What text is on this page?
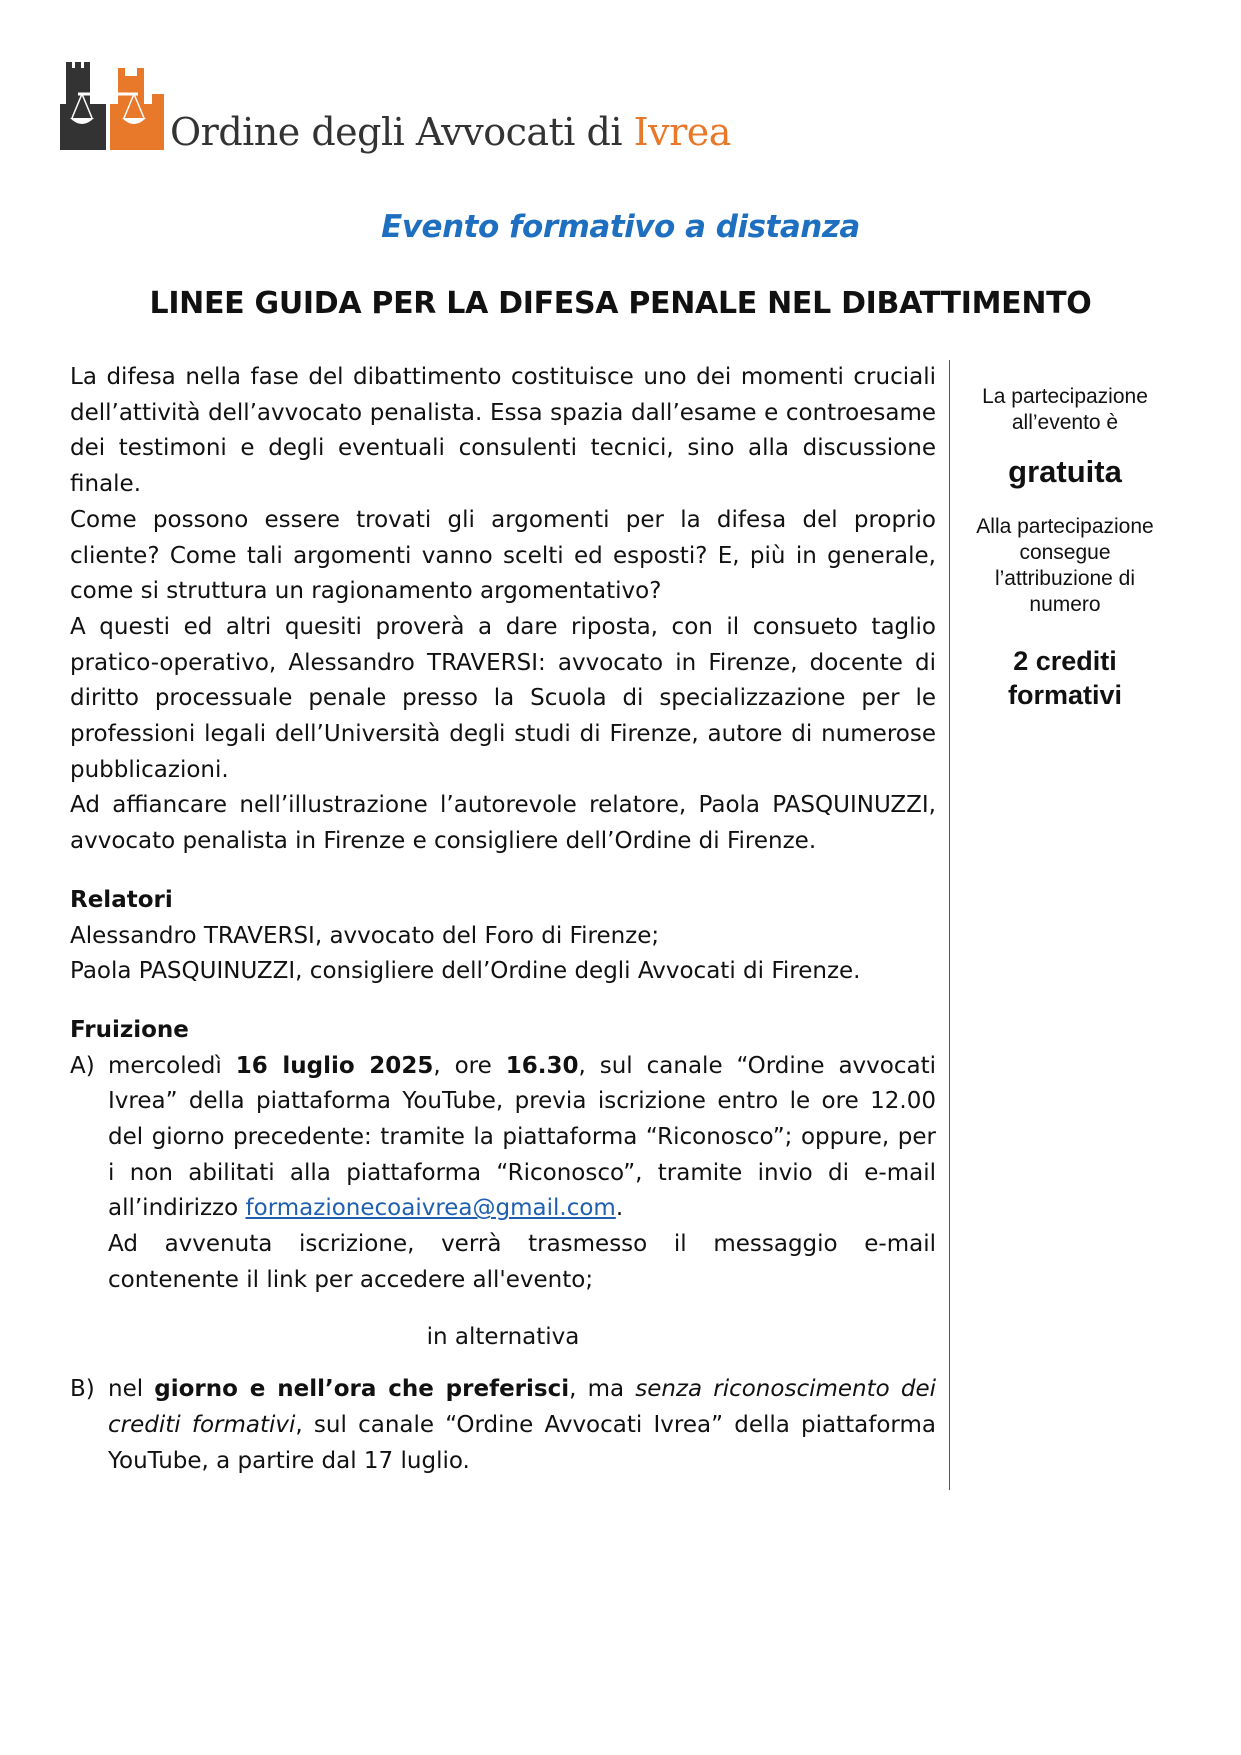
Ordine degli Avvocati di Ivrea
Evento formativo a distanza
LINEE GUIDA PER LA DIFESA PENALE NEL DIBATTIMENTO

La difesa nella fase del dibattimento costituisce uno dei momenti cruciali dell’attività dell’avvocato penalista. Essa spazia dall’esame e controesame dei testimoni e degli eventuali consulenti tecnici, sino alla discussione finale.

Come possono essere trovati gli argomenti per la difesa del proprio cliente? Come tali argomenti vanno scelti ed esposti? E, più in generale, come si struttura un ragionamento argomentativo?

A questi ed altri quesiti proverà a dare riposta, con il consueto taglio pratico-operativo, Alessandro TRAVERSI: avvocato in Firenze, docente di diritto processuale penale presso la Scuola di specializzazione per le professioni legali dell’Università degli studi di Firenze, autore di numerose pubblicazioni.

Ad affiancare nell’illustrazione l’autorevole relatore, Paola PASQUINUZZI, avvocato penalista in Firenze e consigliere dell’Ordine di Firenze.

Relatori

Alessandro TRAVERSI, avvocato del Foro di Firenze;

Paola PASQUINUZZI, consigliere dell’Ordine degli Avvocati di Firenze.

Fruizione

A) mercoledì 16 luglio 2025, ore 16.30, sul canale “Ordine avvocati Ivrea” della piattaforma YouTube, previa iscrizione entro le ore 12.00 del giorno precedente: tramite la piattaforma “Riconosco”; oppure, per i non abilitati alla piattaforma “Riconosco”, tramite invio di e-mail all’indirizzo formazionecoaivrea@gmail.com.

Ad avvenuta iscrizione, verrà trasmesso il messaggio e-mail contenente il link per accedere all'evento;

in alternativa

B) nel giorno e nell’ora che preferisci, ma senza riconoscimento dei crediti formativi, sul canale “Ordine Avvocati Ivrea” della piattaforma YouTube, a partire dal 17 luglio.

La partecipazione all’evento è
gratuita
Alla partecipazione consegue l’attribuzione di numero
2 crediti
formativi
